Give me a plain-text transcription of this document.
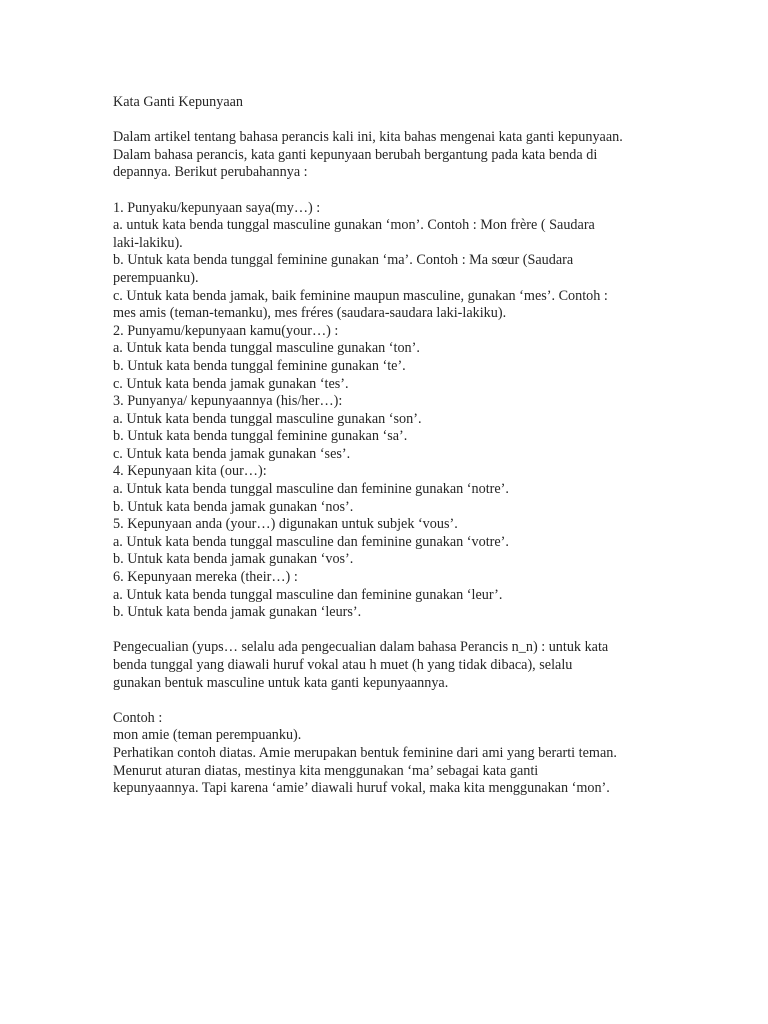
Kata Ganti Kepunyaan
Dalam artikel tentang bahasa perancis kali ini, kita bahas mengenai kata ganti kepunyaan.
Dalam bahasa perancis, kata ganti kepunyaan berubah bergantung pada kata benda di
depannya. Berikut perubahannya :
1. Punyaku/kepunyaan saya(my…) :
a. untuk kata benda tunggal masculine gunakan ‘mon’. Contoh : Mon frère ( Saudara
laki-lakiku).
b. Untuk kata benda tunggal feminine gunakan ‘ma’. Contoh : Ma sœur (Saudara
perempuanku).
c. Untuk kata benda jamak, baik feminine maupun masculine, gunakan ‘mes’. Contoh :
mes amis (teman-temanku), mes fréres (saudara-saudara laki-lakiku).
2. Punyamu/kepunyaan kamu(your…) :
a. Untuk kata benda tunggal masculine gunakan ‘ton’.
b. Untuk kata benda tunggal feminine gunakan ‘te’.
c. Untuk kata benda jamak gunakan ‘tes’.
3. Punyanya/ kepunyaannya (his/her…):
a. Untuk kata benda tunggal masculine gunakan ‘son’.
b. Untuk kata benda tunggal feminine gunakan ‘sa’.
c. Untuk kata benda jamak gunakan ‘ses’.
4. Kepunyaan kita (our…):
a. Untuk kata benda tunggal masculine dan feminine gunakan ‘notre’.
b. Untuk kata benda jamak gunakan ‘nos’.
5. Kepunyaan anda (your…) digunakan untuk subjek ‘vous’.
a. Untuk kata benda tunggal masculine dan feminine gunakan ‘votre’.
b. Untuk kata benda jamak gunakan ‘vos’.
6. Kepunyaan mereka (their…) :
a. Untuk kata benda tunggal masculine dan feminine gunakan ‘leur’.
b. Untuk kata benda jamak gunakan ‘leurs’.
Pengecualian (yups… selalu ada pengecualian dalam bahasa Perancis n_n) : untuk kata
benda tunggal yang diawali huruf vokal atau h muet (h yang tidak dibaca), selalu
gunakan bentuk masculine untuk kata ganti kepunyaannya.
Contoh :
mon amie (teman perempuanku).
Perhatikan contoh diatas. Amie merupakan bentuk feminine dari ami yang berarti teman.
Menurut aturan diatas, mestinya kita menggunakan ‘ma’ sebagai kata ganti
kepunyaannya. Tapi karena ‘amie’ diawali huruf vokal, maka kita menggunakan ‘mon’.
